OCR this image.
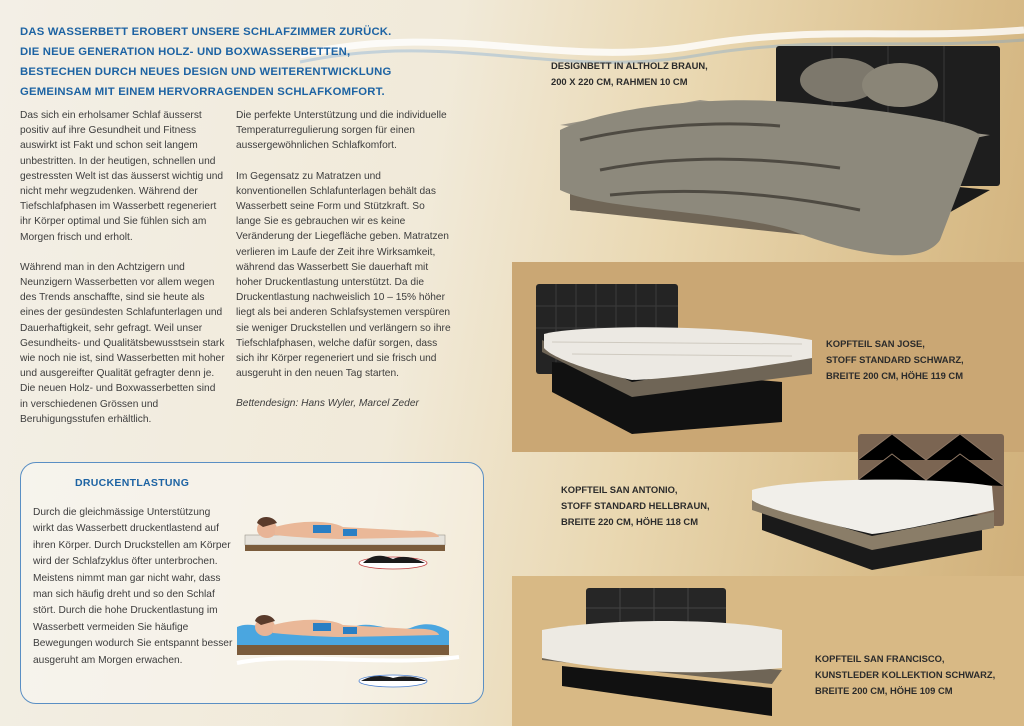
DAS WASSERBETT EROBERT UNSERE SCHLAFZIMMER ZURÜCK.
DIE NEUE GENERATION HOLZ- UND BOXWASSERBETTEN,
BESTECHEN DURCH NEUES DESIGN UND WEITERENTWICKLUNG
GEMEINSAM MIT EINEM HERVORRAGENDEN SCHLAFKOMFORT.

Das sich ein erholsamer Schlaf äusserst positiv auf ihre Gesundheit und Fitness auswirkt ist Fakt und schon seit langem unbestritten. In der heutigen, schnellen und gestressten Welt ist das äusserst wichtig und nicht mehr wegzudenken. Während der Tiefschlafphasen im Wasserbett regeneriert ihr Körper optimal und Sie fühlen sich am Morgen frisch und erholt.

Während man in den Achtzigern und Neunzigern Wasserbetten vor allem wegen des Trends anschaffte, sind sie heute als eines der gesündesten Schlafunterlagen und Dauerhaftigkeit, sehr gefragt. Weil unser Gesundheits- und Qualitätsbewusstsein stark wie noch nie ist, sind Wasserbetten mit hoher und ausgereifter Qualität gefragter denn je. Die neuen Holz- und Boxwasserbetten sind in verschiedenen Grössen und Beruhigungsstufen erhältlich.

Die perfekte Unterstützung und die individuelle Temperaturregulierung sorgen für einen aussergewöhnlichen Schlafkomfort.

Im Gegensatz zu Matratzen und konventionellen Schlafunterlagen behält das Wasserbett seine Form und Stützkraft. So lange Sie es gebrauchen wir es keine Veränderung der Liegefläche geben. Matratzen verlieren im Laufe der Zeit ihre Wirksamkeit, während das Wasserbett Sie dauerhaft mit hoher Druckentlastung unterstützt. Da die Druckentlastung nachweislich 10 – 15% höher liegt als bei anderen Schlafsystemen verspüren sie weniger Druckstellen und verlängern so ihre Tiefschlafphasen, welche dafür sorgen, dass sich ihr Körper regeneriert und sie frisch und ausgeruht in den neuen Tag starten.

Bettendesign: Hans Wyler, Marcel Zeder

DRUCKENTLASTUNG

Durch die gleichmässige Unterstützung wirkt das Wasserbett druckentlastend auf ihren Körper. Durch Druckstellen am Körper wird der Schlafzyklus öfter unterbrochen. Meistens nimmt man gar nicht wahr, dass man sich häufig dreht und so den Schlaf stört. Durch die hohe Druckentlastung im Wasserbett vermeiden Sie häufige Bewegungen wodurch Sie entspannt besser ausgeruht am Morgen erwachen.

DESIGNBETT IN ALTHOLZ BRAUN,
200 X 220 CM, RAHMEN 10 CM
KOPFTEIL SAN JOSE,
STOFF STANDARD SCHWARZ,
BREITE 200 CM, HÖHE 119 CM
KOPFTEIL SAN ANTONIO,
STOFF STANDARD HELLBRAUN,
BREITE 220 CM, HÖHE 118 CM
KOPFTEIL SAN FRANCISCO,
KUNSTLEDER KOLLEKTION SCHWARZ,
BREITE 200 CM, HÖHE 109 CM
